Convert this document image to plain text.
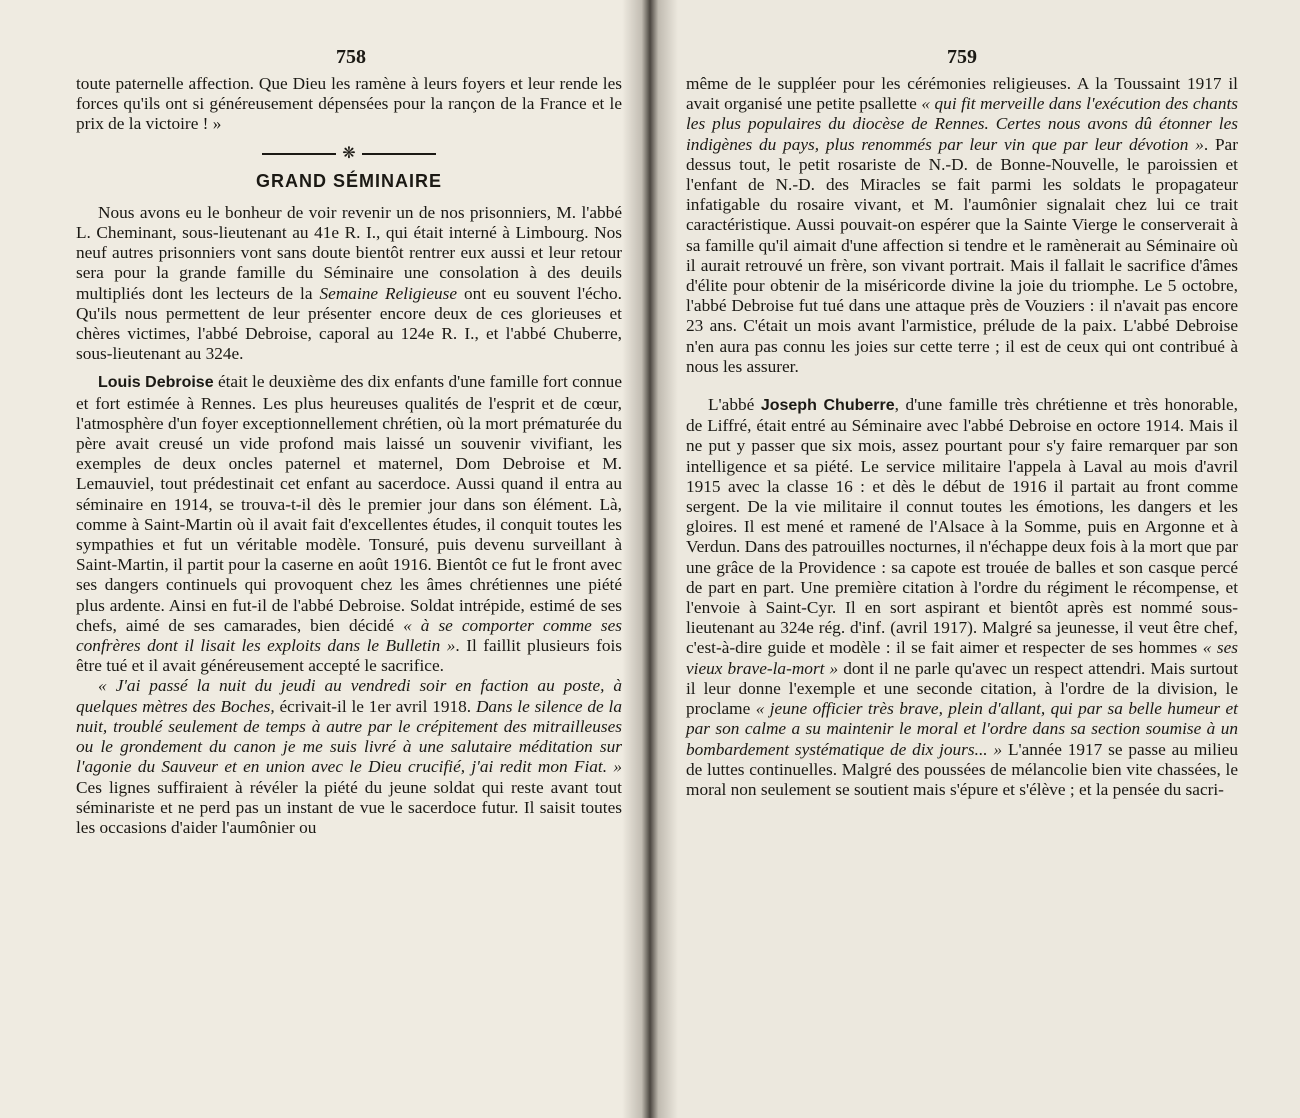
758

toute paternelle affection. Que Dieu les ramène à leurs foyers et leur rende les forces qu'ils ont si généreusement dépensées pour la rançon de la France et le prix de la victoire ! »

❋
GRAND SÉMINAIRE

Nous avons eu le bonheur de voir revenir un de nos prisonniers, M. l'abbé L. Cheminant, sous-lieutenant au 41e R. I., qui était interné à Limbourg. Nos neuf autres prisonniers vont sans doute bientôt rentrer eux aussi et leur retour sera pour la grande famille du Séminaire une consolation à des deuils multipliés dont les lecteurs de la Semaine Religieuse ont eu souvent l'écho. Qu'ils nous permettent de leur présenter encore deux de ces glorieuses et chères victimes, l'abbé Debroise, caporal au 124e R. I., et l'abbé Chuberre, sous-lieutenant au 324e.

Louis Debroise était le deuxième des dix enfants d'une famille fort connue et fort estimée à Rennes. Les plus heureuses qualités de l'esprit et de cœur, l'atmosphère d'un foyer exceptionnellement chrétien, où la mort prématurée du père avait creusé un vide profond mais laissé un souvenir vivifiant, les exemples de deux oncles paternel et maternel, Dom Debroise et M. Lemauviel, tout prédestinait cet enfant au sacerdoce. Aussi quand il entra au séminaire en 1914, se trouva-t-il dès le premier jour dans son élément. Là, comme à Saint-Martin où il avait fait d'excellentes études, il conquit toutes les sympathies et fut un véritable modèle. Tonsuré, puis devenu surveillant à Saint-Martin, il partit pour la caserne en août 1916. Bientôt ce fut le front avec ses dangers continuels qui provoquent chez les âmes chrétiennes une piété plus ardente. Ainsi en fut-il de l'abbé Debroise. Soldat intrépide, estimé de ses chefs, aimé de ses camarades, bien décidé « à se comporter comme ses confrères dont il lisait les exploits dans le Bulletin ». Il faillit plusieurs fois être tué et il avait généreusement accepté le sacrifice.

« J'ai passé la nuit du jeudi au vendredi soir en faction au poste, à quelques mètres des Boches, écrivait-il le 1er avril 1918. Dans le silence de la nuit, troublé seulement de temps à autre par le crépitement des mitrailleuses ou le grondement du canon je me suis livré à une salutaire méditation sur l'agonie du Sauveur et en union avec le Dieu crucifié, j'ai redit mon Fiat. » Ces lignes suffiraient à révéler la piété du jeune soldat qui reste avant tout séminariste et ne perd pas un instant de vue le sacerdoce futur. Il saisit toutes les occasions d'aider l'aumônier ou

759

même de le suppléer pour les cérémonies religieuses. A la Toussaint 1917 il avait organisé une petite psallette « qui fit merveille dans l'exécution des chants les plus populaires du diocèse de Rennes. Certes nous avons dû étonner les indigènes du pays, plus renommés par leur vin que par leur dévotion ». Par dessus tout, le petit rosariste de N.-D. de Bonne-Nouvelle, le paroissien et l'enfant de N.-D. des Miracles se fait parmi les soldats le propagateur infatigable du rosaire vivant, et M. l'aumônier signalait chez lui ce trait caractéristique. Aussi pouvait-on espérer que la Sainte Vierge le conserverait à sa famille qu'il aimait d'une affection si tendre et le ramènerait au Séminaire où il aurait retrouvé un frère, son vivant portrait. Mais il fallait le sacrifice d'âmes d'élite pour obtenir de la miséricorde divine la joie du triomphe. Le 5 octobre, l'abbé Debroise fut tué dans une attaque près de Vouziers : il n'avait pas encore 23 ans. C'était un mois avant l'armistice, prélude de la paix. L'abbé Debroise n'en aura pas connu les joies sur cette terre ; il est de ceux qui ont contribué à nous les assurer.

L'abbé Joseph Chuberre, d'une famille très chrétienne et très honorable, de Liffré, était entré au Séminaire avec l'abbé Debroise en octore 1914. Mais il ne put y passer que six mois, assez pourtant pour s'y faire remarquer par son intelligence et sa piété. Le service militaire l'appela à Laval au mois d'avril 1915 avec la classe 16 : et dès le début de 1916 il partait au front comme sergent. De la vie militaire il connut toutes les émotions, les dangers et les gloires. Il est mené et ramené de l'Alsace à la Somme, puis en Argonne et à Verdun. Dans des patrouilles nocturnes, il n'échappe deux fois à la mort que par une grâce de la Providence : sa capote est trouée de balles et son casque percé de part en part. Une première citation à l'ordre du régiment le récompense, et l'envoie à Saint-Cyr. Il en sort aspirant et bientôt après est nommé sous-lieutenant au 324e rég. d'inf. (avril 1917). Malgré sa jeunesse, il veut être chef, c'est-à-dire guide et modèle : il se fait aimer et respecter de ses hommes « ses vieux brave-la-mort » dont il ne parle qu'avec un respect attendri. Mais surtout il leur donne l'exemple et une seconde citation, à l'ordre de la division, le proclame « jeune officier très brave, plein d'allant, qui par sa belle humeur et par son calme a su maintenir le moral et l'ordre dans sa section soumise à un bombardement systématique de dix jours... » L'année 1917 se passe au milieu de luttes continuelles. Malgré des poussées de mélancolie bien vite chassées, le moral non seulement se soutient mais s'épure et s'élève ; et la pensée du sacri-
